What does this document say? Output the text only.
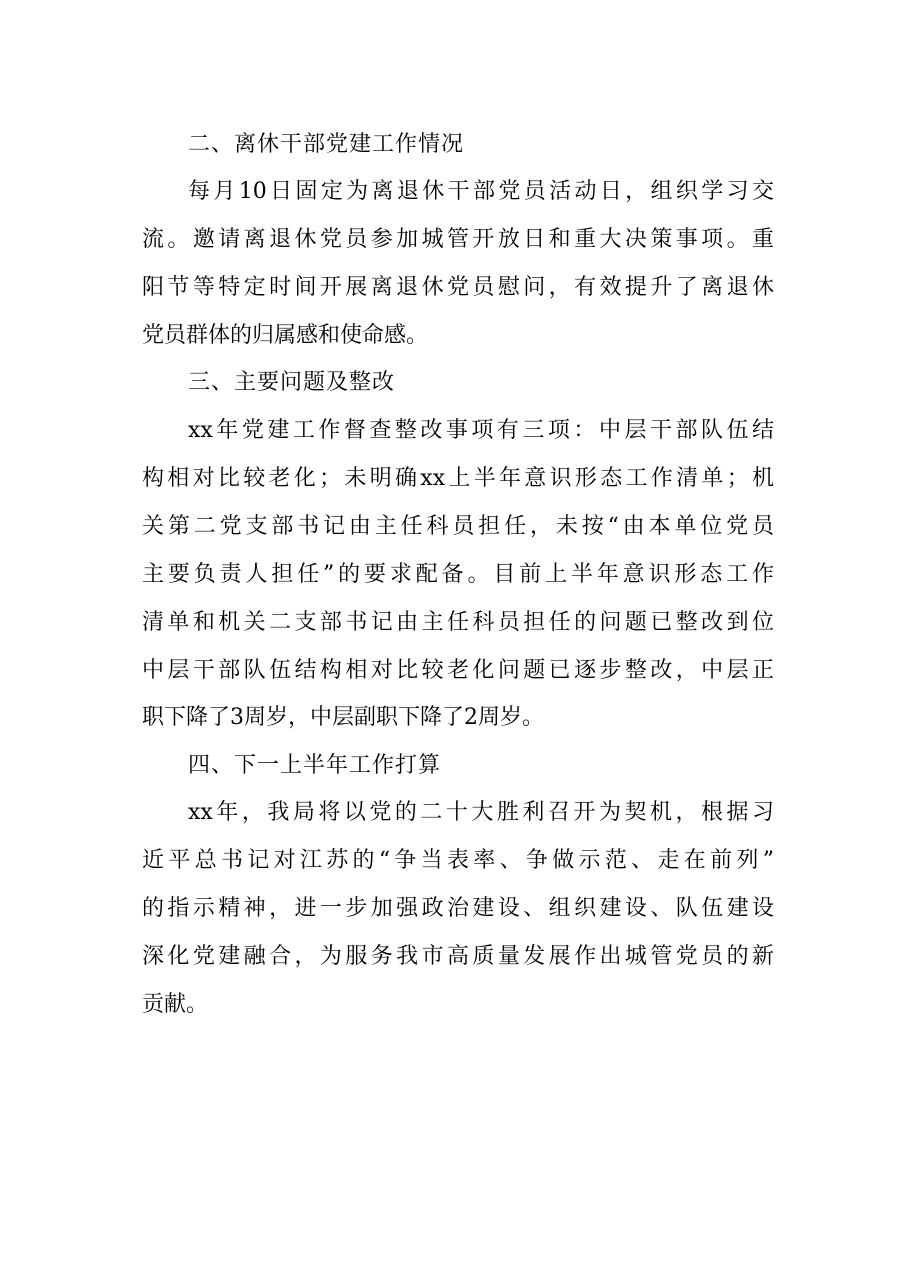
二、离休干部党建工作情况
每月10日固定为离退休干部党员活动日，组织学习交
流。邀请离退休党员参加城管开放日和重大决策事项。重
阳节等特定时间开展离退休党员慰问，有效提升了离退休
党员群体的归属感和使命感。
三、主要问题及整改
xx年党建工作督查整改事项有三项：中层干部队伍结
构相对比较老化；未明确xx上半年意识形态工作清单；机
关第二党支部书记由主任科员担任，未按“由本单位党员
主要负责人担任”的要求配备。目前上半年意识形态工作
清单和机关二支部书记由主任科员担任的问题已整改到位
中层干部队伍结构相对比较老化问题已逐步整改，中层正
职下降了3周岁，中层副职下降了2周岁。
四、下一上半年工作打算
xx年，我局将以党的二十大胜利召开为契机，根据习
近平总书记对江苏的“争当表率、争做示范、走在前列”
的指示精神，进一步加强政治建设、组织建设、队伍建设
深化党建融合，为服务我市高质量发展作出城管党员的新
贡献。
